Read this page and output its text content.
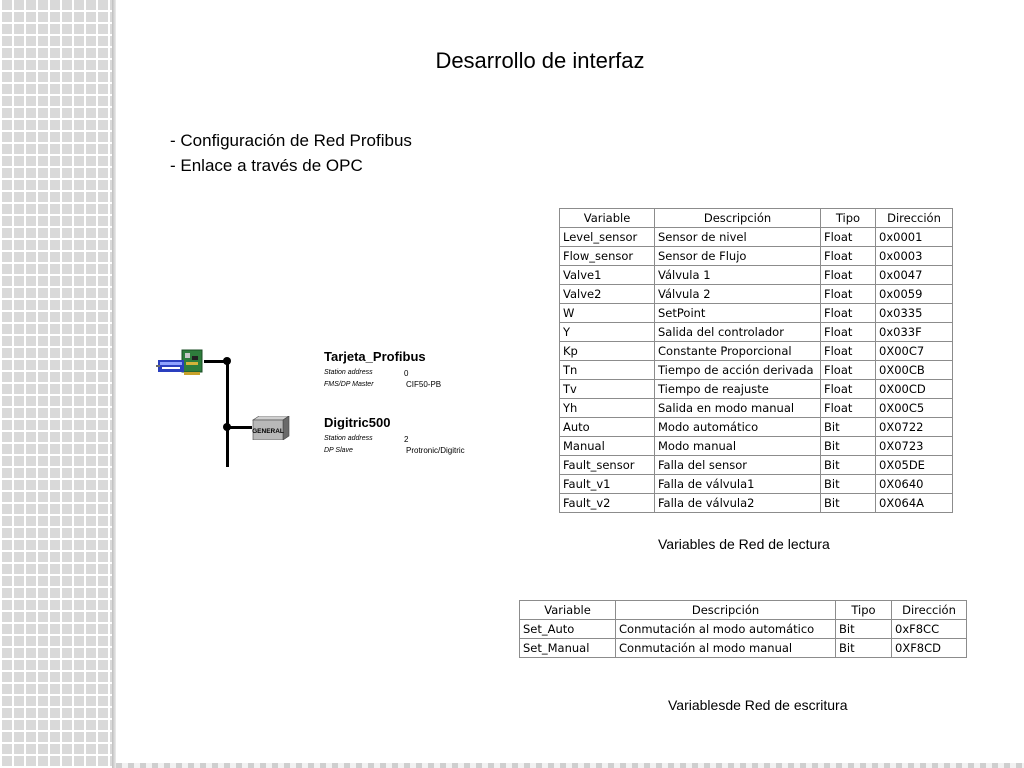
Desarrollo de interfaz
- Configuración de Red Profibus
- Enlace a través de OPC
GENERAL
Tarjeta_Profibus
Station address	0
FMS/DP Master	CIF50-PB
Digitric500
Station address	2
DP Slave	Protronic/Digitric
Variable	Descripción	Tipo	Dirección
Level_sensor	Sensor de nivel	Float	0x0001
Flow_sensor	Sensor de Flujo	Float	0x0003
Valve1	Válvula 1	Float	0x0047
Valve2	Válvula 2	Float	0x0059
W	SetPoint	Float	0x0335
Y	Salida del controlador	Float	0x033F
Kp	Constante Proporcional	Float	0X00C7
Tn	Tiempo de acción derivada	Float	0X00CB
Tv	Tiempo de reajuste	Float	0X00CD
Yh	Salida en modo manual	Float	0X00C5
Auto	Modo automático	Bit	0X0722
Manual	Modo manual	Bit	0X0723
Fault_sensor	Falla del sensor	Bit	0X05DE
Fault_v1	Falla de válvula1	Bit	0X0640
Fault_v2	Falla de válvula2	Bit	0X064A
Variables de Red de lectura
Variable	Descripción	Tipo	Dirección
Set_Auto	Conmutación al modo automático	Bit	0xF8CC
Set_Manual	Conmutación al modo manual	Bit	0XF8CD
Variablesde Red de escritura
